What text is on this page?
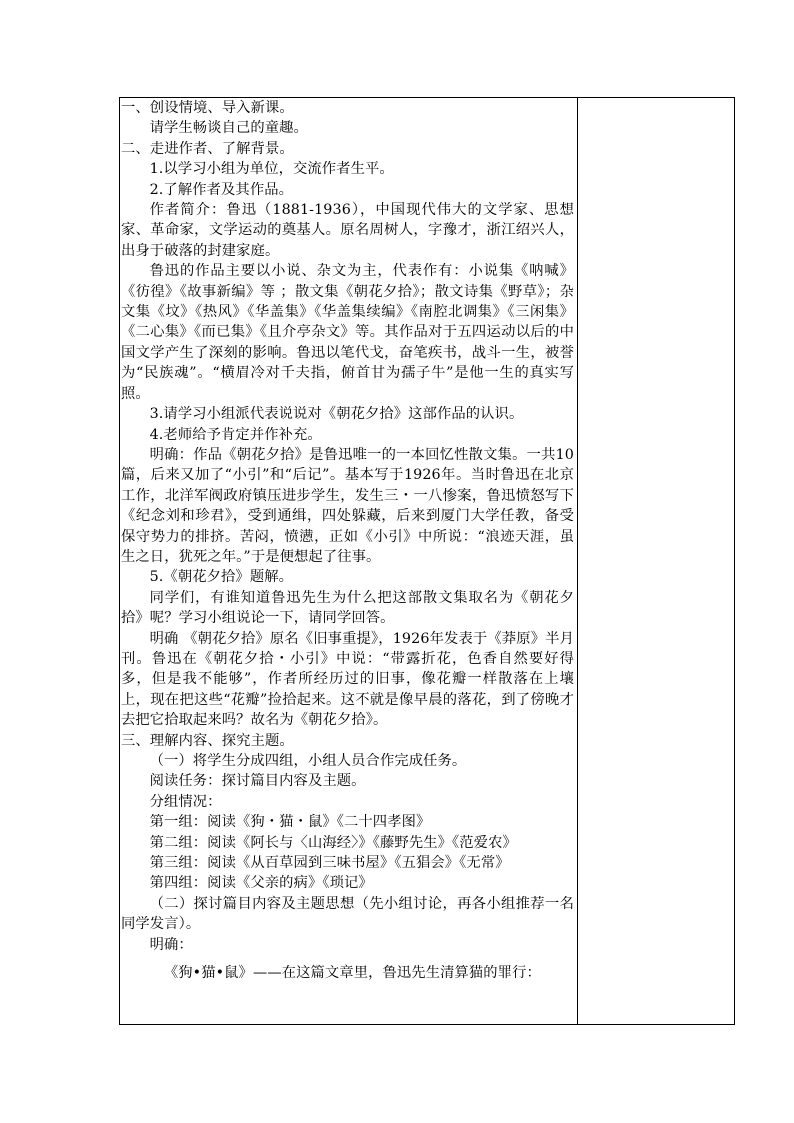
一、创设情境、导入新课。

请学生畅谈自己的童趣。

二、走进作者、了解背景。

1.以学习小组为单位，交流作者生平。

2.了解作者及其作品。

作者简介：鲁迅（1881-1936），中国现代伟大的文学家、思想家、革命家，文学运动的奠基人。原名周树人，字豫才，浙江绍兴人，出身于破落的封建家庭。

鲁迅的作品主要以小说、杂文为主，代表作有：小说集《呐喊》《彷徨》《故事新编》等 ；散文集《朝花夕拾》；散文诗集《野草》；杂文集《坟》《热风》《华盖集》《华盖集续编》《南腔北调集》《三闲集》《二心集》《而已集》《且介亭杂文》等。其作品对于五四运动以后的中国文学产生了深刻的影响。鲁迅以笔代戈，奋笔疾书，战斗一生，被誉为“民族魂”。“横眉冷对千夫指，俯首甘为孺子牛”是他一生的真实写照。

3.请学习小组派代表说说对《朝花夕拾》这部作品的认识。

4.老师给予肯定并作补充。

明确：作品《朝花夕拾》是鲁迅唯一的一本回忆性散文集。一共10篇，后来又加了“小引”和“后记”。基本写于1926年。当时鲁迅在北京工作，北洋军阀政府镇压进步学生，发生三・一八惨案，鲁迅愤怒写下《纪念刘和珍君》，受到通缉，四处躲藏，后来到厦门大学任教，备受保守势力的排挤。苦闷，愤懑，正如《小引》中所说：“浪迹天涯，虽生之日，犹死之年。”于是便想起了往事。

5.《朝花夕拾》题解。

同学们，有谁知道鲁迅先生为什么把这部散文集取名为《朝花夕拾》呢？学习小组说论一下，请同学回答。

明确 《朝花夕拾》原名《旧事重提》，1926年发表于《莽原》半月刊。鲁迅在《朝花夕拾・小引》中说：“带露折花，色香自然要好得多，但是我不能够”，作者所经历过的旧事，像花瓣一样散落在上壤上，现在把这些“花瓣”捡拾起来。这不就是像早晨的落花，到了傍晚才去把它拾取起来吗？故名为《朝花夕拾》。

三、理解内容、探究主题。

（一）将学生分成四组，小组人员合作完成任务。

阅读任务：探讨篇目内容及主题。

分组情况：

第一组：阅读《狗・猫・鼠》《二十四孝图》

第二组：阅读《阿长与〈山海经〉》《藤野先生》《范爱农》

第三组：阅读《从百草园到三味书屋》《五猖会》《无常》

第四组：阅读《父亲的病》《琐记》

（二）探讨篇目内容及主题思想（先小组讨论，再各小组推荐一名同学发言）。

明确：

《狗•猫•鼠》——在这篇文章里，鲁迅先生清算猫的罪行：
